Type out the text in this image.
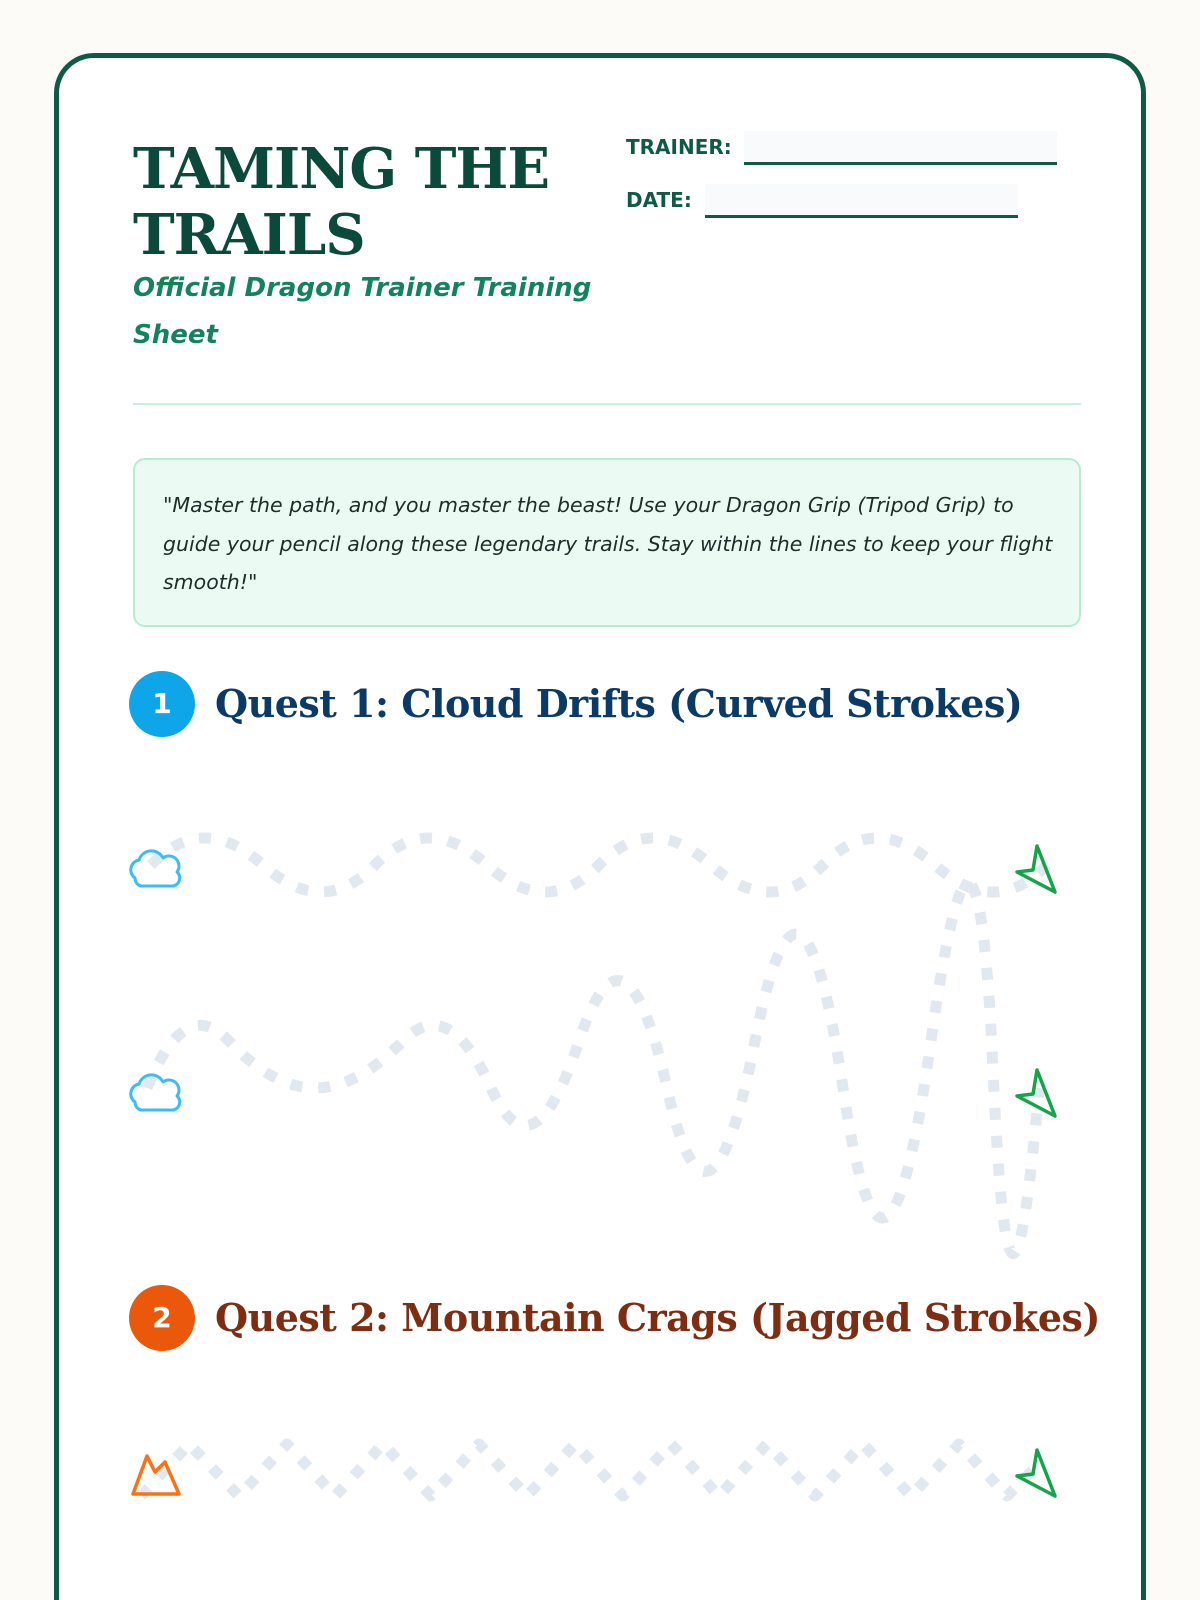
TAMING THE TRAILS

Official Dragon Trainer Training Sheet

TRAINER:

DATE:

"Master the path, and you master the beast! Use your Dragon Grip (Tripod Grip) to guide your pencil along these legendary trails. Stay within the lines to keep your flight smooth!"

1	Quest 1: Cloud Drifts (Curved Strokes)
2	Quest 2: Mountain Crags (Jagged Strokes)
